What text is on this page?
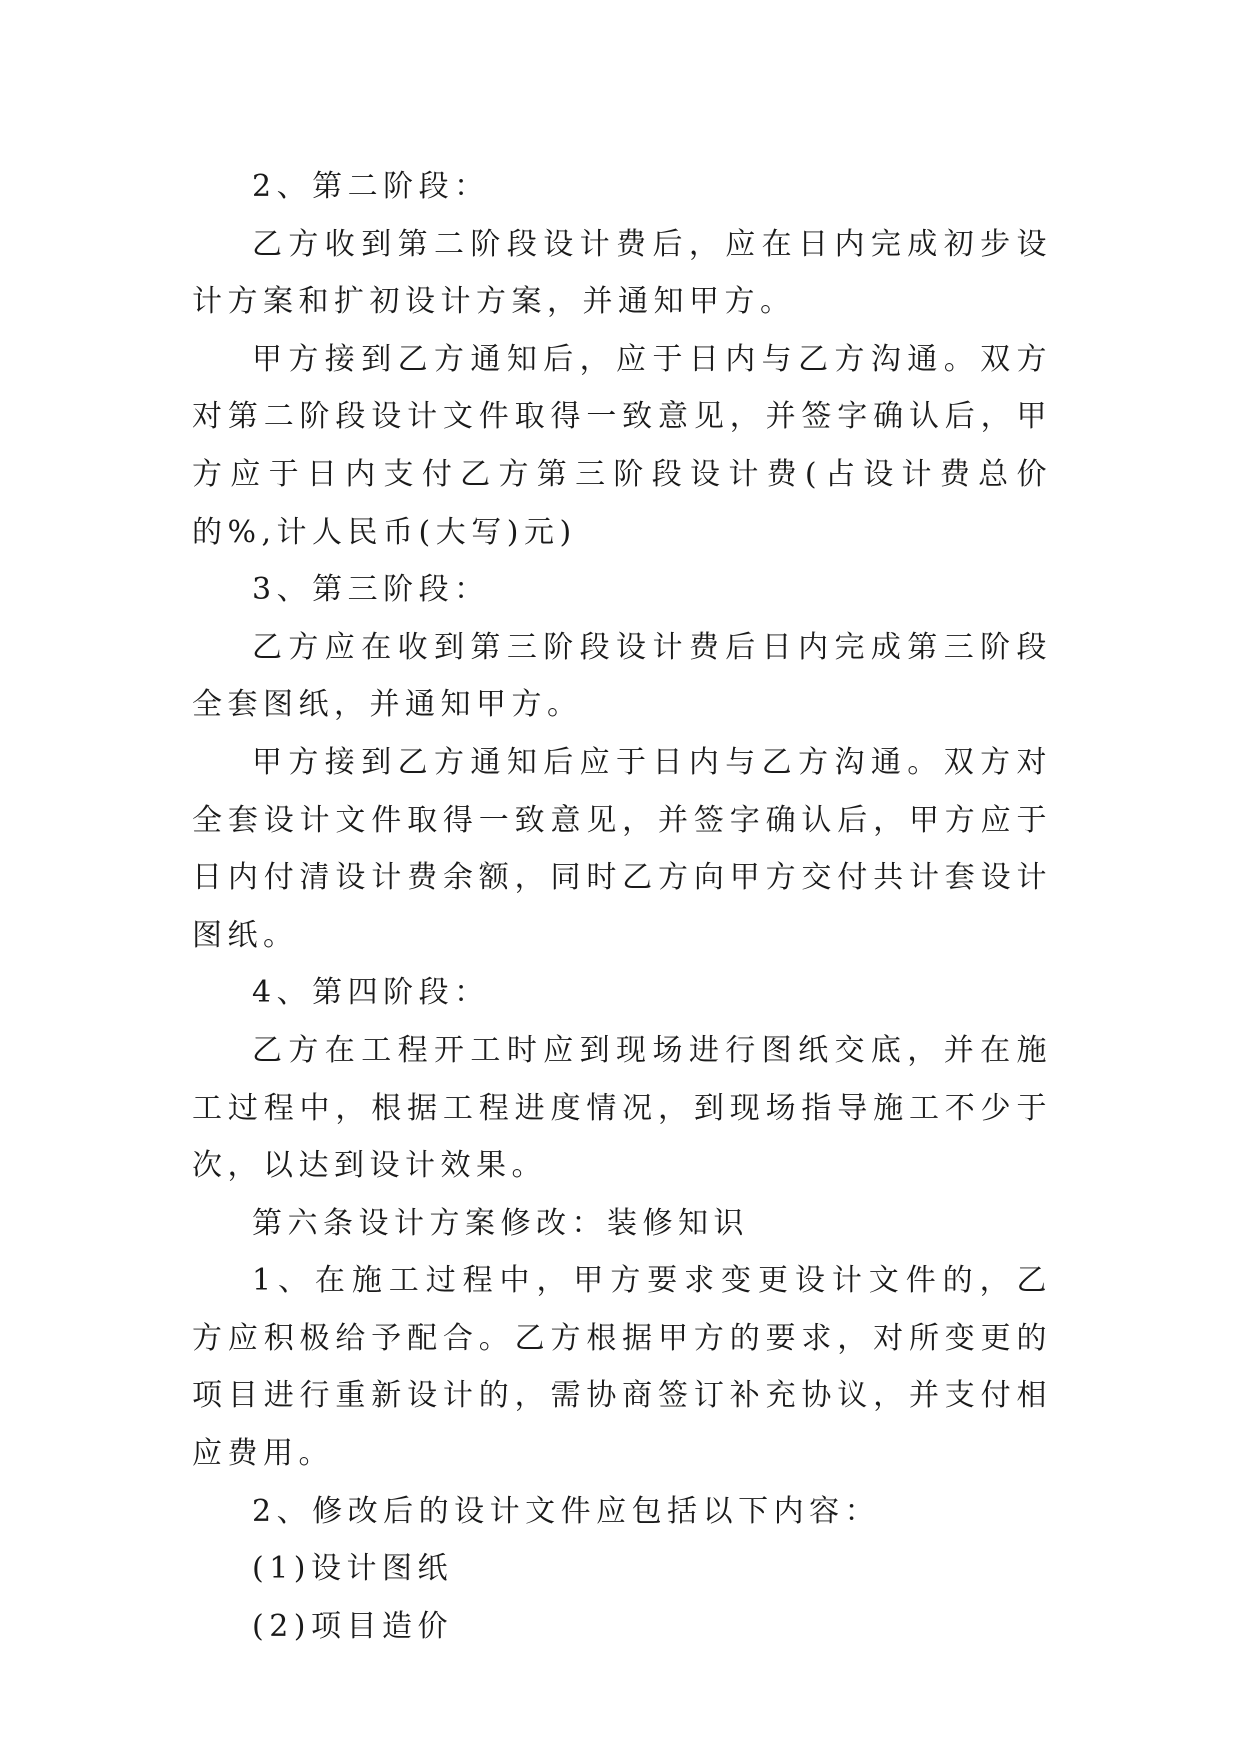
2、第二阶段：

乙方收到第二阶段设计费后，应在日内完成初步设计方案和扩初设计方案，并通知甲方。

甲方接到乙方通知后，应于日内与乙方沟通。双方对第二阶段设计文件取得一致意见，并签字确认后，甲方应于日内支付乙方第三阶段设计费(占设计费总价的%,计人民币(大写)元)

3、第三阶段：

乙方应在收到第三阶段设计费后日内完成第三阶段全套图纸，并通知甲方。

甲方接到乙方通知后应于日内与乙方沟通。双方对全套设计文件取得一致意见，并签字确认后，甲方应于日内付清设计费余额，同时乙方向甲方交付共计套设计图纸。

4、第四阶段：

乙方在工程开工时应到现场进行图纸交底，并在施工过程中，根据工程进度情况，到现场指导施工不少于次，以达到设计效果。

第六条设计方案修改：装修知识

1、在施工过程中，甲方要求变更设计文件的，乙方应积极给予配合。乙方根据甲方的要求，对所变更的项目进行重新设计的，需协商签订补充协议，并支付相应费用。

2、修改后的设计文件应包括以下内容：

(1)设计图纸

(2)项目造价
